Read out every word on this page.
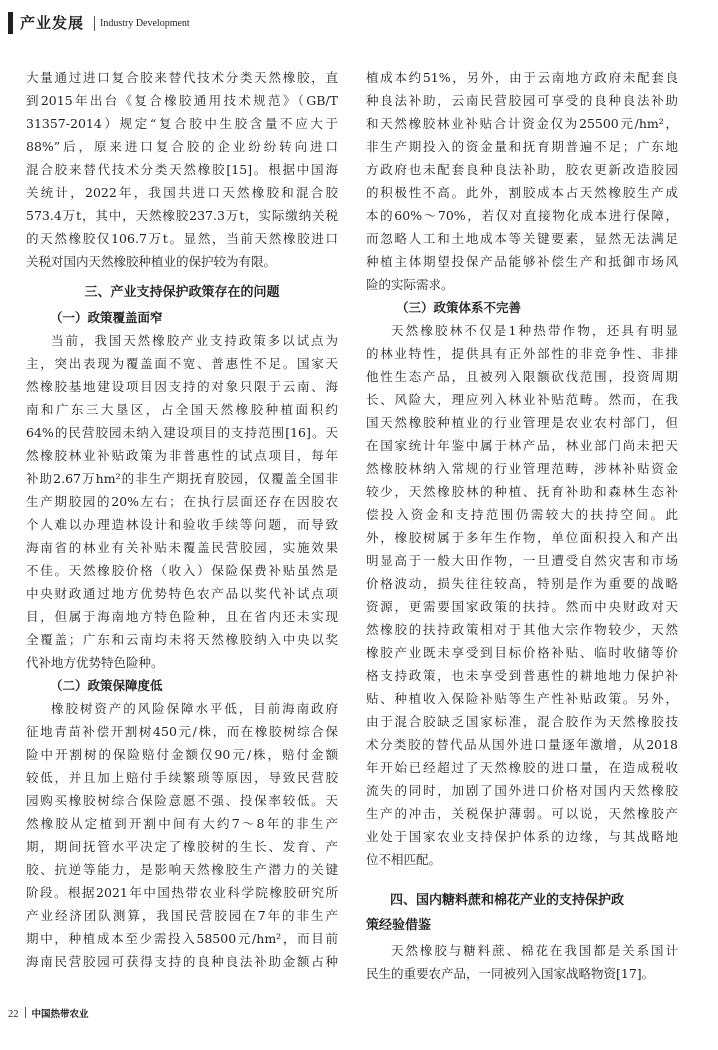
产业发展 Industry Development
大量通过进口复合胶来替代技术分类天然橡胶，直
到2015年出台《复合橡胶通用技术规范》（GB/T
31357-2014）规定“复合胶中生胶含量不应大于
88%”后，原来进口复合胶的企业纷纷转向进口
混合胶来替代技术分类天然橡胶[15]。根据中国海
关统计，2022年，我国共进口天然橡胶和混合胶
573.4万t，其中，天然橡胶237.3万t，实际缴纳关税
的天然橡胶仅106.7万t。显然，当前天然橡胶进口
关税对国内天然橡胶种植业的保护较为有限。
三、产业支持保护政策存在的问题
（一）政策覆盖面窄
当前，我国天然橡胶产业支持政策多以试点为
主，突出表现为覆盖面不宽、普惠性不足。国家天
然橡胶基地建设项目因支持的对象只限于云南、海
南和广东三大垦区，占全国天然橡胶种植面积约
64%的民营胶园未纳入建设项目的支持范围[16]。天
然橡胶林业补贴政策为非普惠性的试点项目，每年
补助2.67万hm²的非生产期抚育胶园，仅覆盖全国非
生产期胶园的20%左右；在执行层面还存在因胶农
个人难以办理造林设计和验收手续等问题，而导致
海南省的林业有关补贴未覆盖民营胶园，实施效果
不佳。天然橡胶价格（收入）保险保费补贴虽然是
中央财政通过地方优势特色农产品以奖代补试点项
目，但属于海南地方特色险种，且在省内还未实现
全覆盖；广东和云南均未将天然橡胶纳入中央以奖
代补地方优势特色险种。
（二）政策保障度低
橡胶树资产的风险保障水平低，目前海南政府
征地青苗补偿开割树450元/株，而在橡胶树综合保
险中开割树的保险赔付金额仅90元/株，赔付金额
较低，并且加上赔付手续繁琐等原因，导致民营胶
园购买橡胶树综合保险意愿不强、投保率较低。天
然橡胶从定植到开割中间有大约7～8年的非生产
期，期间抚管水平决定了橡胶树的生长、发育、产
胶、抗逆等能力，是影响天然橡胶生产潜力的关键
阶段。根据2021年中国热带农业科学院橡胶研究所
产业经济团队测算，我国民营胶园在7年的非生产
期中，种植成本至少需投入58500元/hm²，而目前
海南民营胶园可获得支持的良种良法补助金额占种
植成本约51%，另外，由于云南地方政府未配套良
种良法补助，云南民营胶园可享受的良种良法补助
和天然橡胶林业补贴合计资金仅为25500元/hm²，
非生产期投入的资金量和抚育期普遍不足；广东地
方政府也未配套良种良法补助，胶农更新改造胶园
的积极性不高。此外，割胶成本占天然橡胶生产成
本的60%～70%，若仅对直接物化成本进行保障，
而忽略人工和土地成本等关键要素，显然无法满足
种植主体期望投保产品能够补偿生产和抵御市场风
险的实际需求。
（三）政策体系不完善
天然橡胶林不仅是1种热带作物，还具有明显
的林业特性，提供具有正外部性的非竞争性、非排
他性生态产品，且被列入限额砍伐范围，投资周期
长、风险大，理应列入林业补贴范畴。然而，在我
国天然橡胶种植业的行业管理是农业农村部门，但
在国家统计年鉴中属于林产品，林业部门尚未把天
然橡胶林纳入常规的行业管理范畴，涉林补贴资金
较少，天然橡胶林的种植、抚育补助和森林生态补
偿投入资金和支持范围仍需较大的扶持空间。此
外，橡胶树属于多年生作物，单位面积投入和产出
明显高于一般大田作物，一旦遭受自然灾害和市场
价格波动，损失往往较高，特别是作为重要的战略
资源，更需要国家政策的扶持。然而中央财政对天
然橡胶的扶持政策相对于其他大宗作物较少，天然
橡胶产业既未享受到目标价格补贴、临时收储等价
格支持政策，也未享受到普惠性的耕地地力保护补
贴、种植收入保险补贴等生产性补贴政策。另外，
由于混合胶缺乏国家标准，混合胶作为天然橡胶技
术分类胶的替代品从国外进口量逐年激增，从2018
年开始已经超过了天然橡胶的进口量，在造成税收
流失的同时，加剧了国外进口价格对国内天然橡胶
生产的冲击，关税保护薄弱。可以说，天然橡胶产
业处于国家农业支持保护体系的边缘，与其战略地
位不相匹配。
四、国内糖料蔗和棉花产业的支持保护政
策经验借鉴
天然橡胶与糖料蔗、棉花在我国都是关系国计
民生的重要农产品，一同被列入国家战略物资[17]。
22 中国热带农业
